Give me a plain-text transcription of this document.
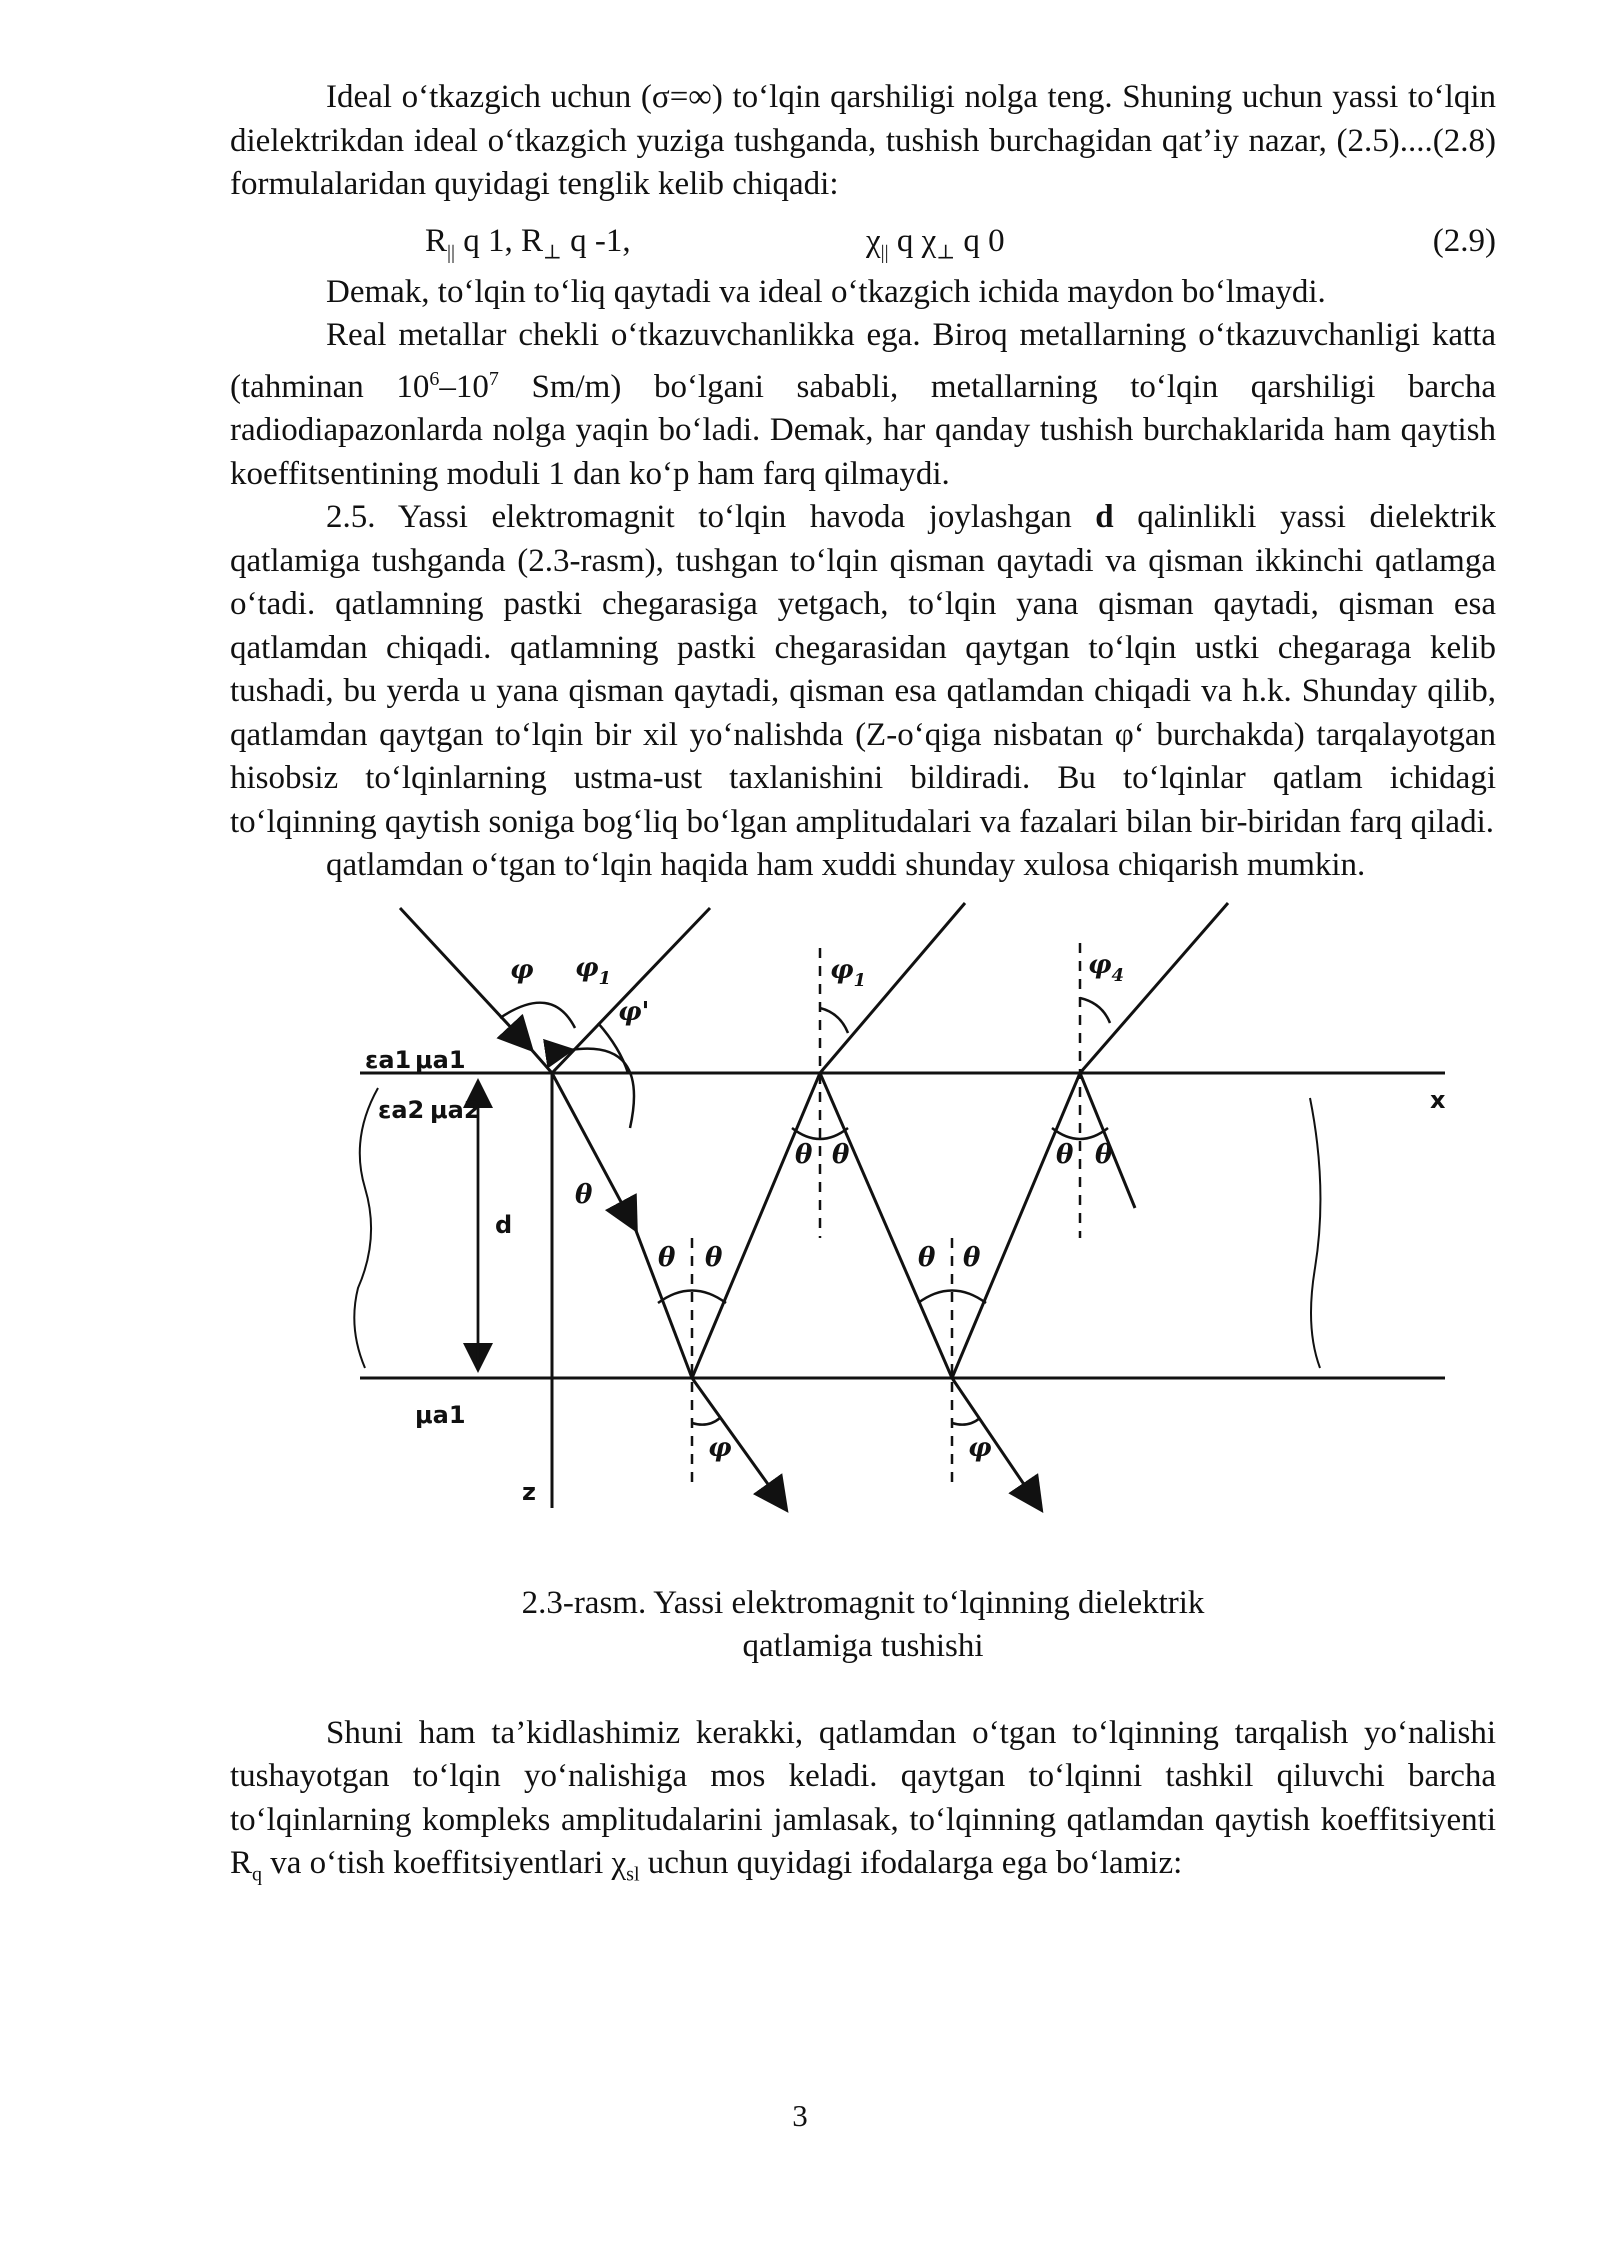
Ideal o‘tkazgich uchun (σ=∞) to‘lqin qarshiligi nolga teng. Shuning uchun yassi to‘lqin dielektrikdan ideal o‘tkazgich yuziga tushganda, tushish burchagidan qat’iy nazar, (2.5)....(2.8) formulalaridan quyidagi tenglik kelib chiqadi:

$R_{||}$ q 1, $R_\perp$ q -1,	$\chi_{||}$ q $\chi_\perp$ q 0	(2.9)

Demak, to‘lqin to‘liq qaytadi va ideal o‘tkazgich ichida maydon bo‘lmaydi.

Real metallar chekli o‘tkazuvchanlikka ega. Biroq metallarning o‘tkazuvchanligi katta (tahminan $10^6-10^7$ Sm/m) bo‘lgani sababli, metallarning to‘lqin qarshiligi barcha radiodiapazonlarda nolga yaqin bo‘ladi. Demak, har qanday tushish burchaklarida ham qaytish koeffitsentining moduli 1 dan ko‘p ham farq qilmaydi.

2.5. Yassi elektromagnit to‘lqin havoda joylashgan d qalinlikli yassi dielektrik qatlamiga tushganda (2.3-rasm), tushgan to‘lqin qisman qaytadi va qisman ikkinchi qatlamga o‘tadi. qatlamning pastki chegarasiga yetgach, to‘lqin yana qisman qaytadi, qisman esa qatlamdan chiqadi. qatlamning pastki chegarasidan qaytgan to‘lqin ustki chegaraga kelib tushadi, bu yerda u yana qisman qaytadi, qisman esa qatlamdan chiqadi va h.k. Shunday qilib, qatlamdan qaytgan to‘lqin bir xil yo‘nalishda (Z-o‘qiga nisbatan φ‘ burchakda) tarqalayotgan hisobsiz to‘lqinlarning ustma-ust taxlanishini bildiradi. Bu to‘lqinlar qatlam ichidagi to‘lqinning qaytish soniga bog‘liq bo‘lgan amplitudalari va fazalari bilan bir-biridan farq qiladi.

qatlamdan o‘tgan to‘lqin haqida ham xuddi shunday xulosa chiqarish mumkin.

εa1 μa1
εa2 μa2
d
μa1
z
x
φ $\varphi_1$
φ'
$\varphi_1$
$\varphi_4$
θ
θ θ
θ θ
θ θ
θ θ
φ	φ
2.3-rasm. Yassi elektromagnit to‘lqinning dielektrik
qatlamiga tushishi

Shuni ham ta’kidlashimiz kerakki, qatlamdan o‘tgan to‘lqinning tarqalish yo‘nalishi tushayotgan to‘lqin yo‘nalishiga mos keladi. qaytgan to‘lqinni tashkil qiluvchi barcha to‘lqinlarning kompleks amplitudalarini jamlasak, to‘lqinning qatlamdan qaytish koeffitsiyenti $R_q$ va o‘tish koeffitsiyentlari $\chi_{sl}$ uchun quyidagi ifodalarga ega bo‘lamiz:

3
